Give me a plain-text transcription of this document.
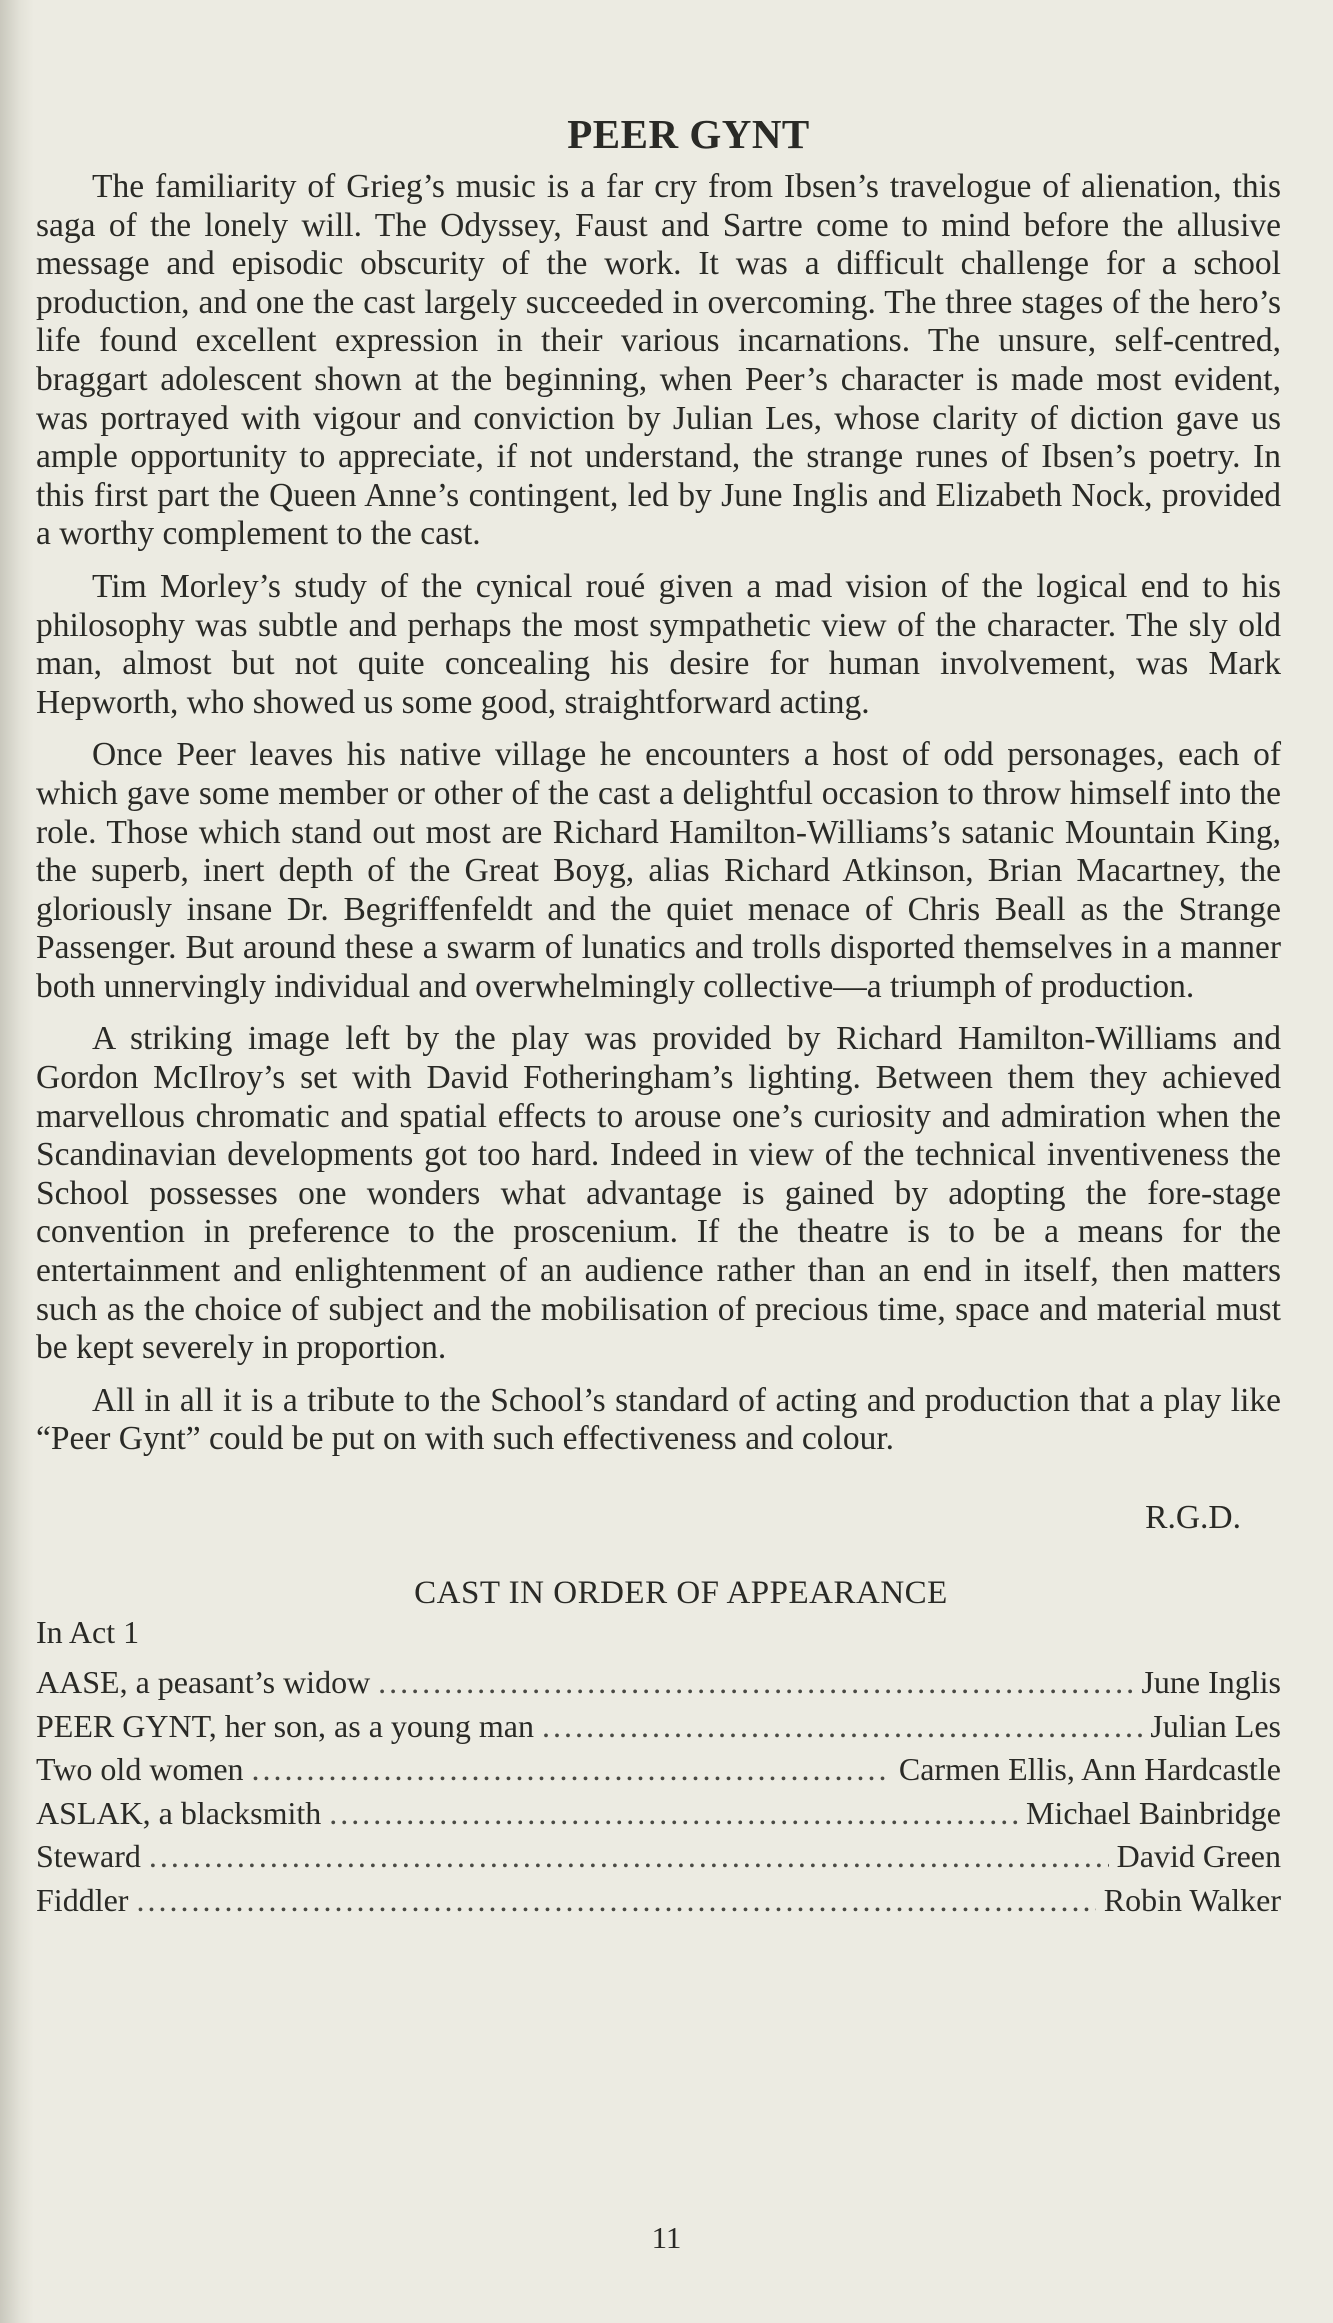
PEER GYNT

The familiarity of Grieg’s music is a far cry from Ibsen’s travelogue of alienation, this saga of the lonely will. The Odyssey, Faust and Sartre come to mind before the allusive message and episodic obscurity of the work. It was a difficult challenge for a school production, and one the cast largely succeeded in overcoming. The three stages of the hero’s life found excellent expression in their various incarnations. The unsure, self-centred, braggart adolescent shown at the beginning, when Peer’s character is made most evident, was portrayed with vigour and conviction by Julian Les, whose clarity of diction gave us ample opportunity to appreciate, if not understand, the strange runes of Ibsen’s poetry. In this first part the Queen Anne’s contingent, led by June Inglis and Elizabeth Nock, provided a worthy complement to the cast.

Tim Morley’s study of the cynical roué given a mad vision of the logical end to his philosophy was subtle and perhaps the most sympathetic view of the character. The sly old man, almost but not quite concealing his desire for human involvement, was Mark Hepworth, who showed us some good, straightforward acting.

Once Peer leaves his native village he encounters a host of odd personages, each of which gave some member or other of the cast a delightful occasion to throw himself into the role. Those which stand out most are Richard Hamilton-Williams’s satanic Mountain King, the superb, inert depth of the Great Boyg, alias Richard Atkinson, Brian Macartney, the gloriously insane Dr. Begriffenfeldt and the quiet menace of Chris Beall as the Strange Passenger. But around these a swarm of lunatics and trolls disported themselves in a manner both unnervingly individual and overwhelmingly collective—a triumph of production.

A striking image left by the play was provided by Richard Hamilton-Williams and Gordon McIlroy’s set with David Fotheringham’s lighting. Between them they achieved marvellous chromatic and spatial effects to arouse one’s curiosity and admiration when the Scandinavian developments got too hard. Indeed in view of the technical inventiveness the School possesses one wonders what advantage is gained by adopting the fore-stage convention in preference to the proscenium. If the theatre is to be a means for the entertainment and enlightenment of an audience rather than an end in itself, then matters such as the choice of subject and the mobilisation of precious time, space and material must be kept severely in proportion.

All in all it is a tribute to the School’s standard of acting and production that a play like “Peer Gynt” could be put on with such effectiveness and colour.

R.G.D.
CAST IN ORDER OF APPEARANCE
In Act 1
AASE, a peasant’s widow .....	June Inglis
PEER GYNT, her son, as a young man .....	Julian Les
Two old women .....	Carmen Ellis, Ann Hardcastle
ASLAK, a blacksmith .....	Michael Bainbridge
Steward .....	David Green
Fiddler .....	Robin Walker
11
